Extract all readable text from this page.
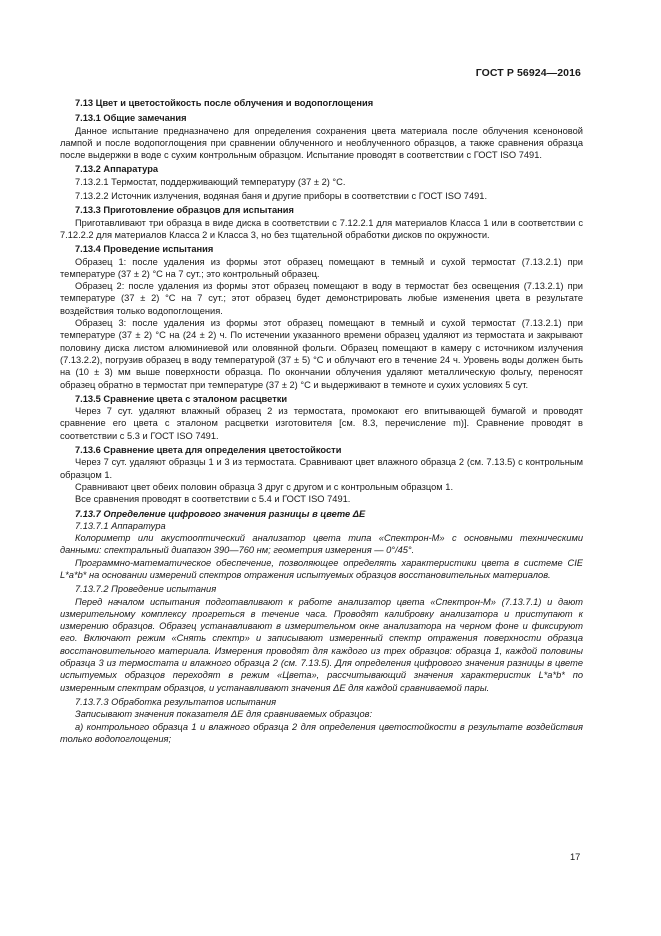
ГОСТ Р 56924—2016

7.13 Цвет и цветостойкость после облучения и водопоглощения

7.13.1 Общие замечания

Данное испытание предназначено для определения сохранения цвета материала после облучения ксеноновой лампой и после водопоглощения при сравнении облученного и необлученного образцов, а также сравнения образца после выдержки в воде с сухим контрольным образцом. Испытание проводят в соответствии с ГОСТ ISO 7491.

7.13.2 Аппаратура

7.13.2.1 Термостат, поддерживающий температуру (37 ± 2) °С.

7.13.2.2 Источник излучения, водяная баня и другие приборы в соответствии с ГОСТ ISO 7491.

7.13.3 Приготовление образцов для испытания

Приготавливают три образца в виде диска в соответствии с 7.12.2.1 для материалов Класса 1 или в соответствии с 7.12.2.2 для материалов Класса 2 и Класса 3, но без тщательной обработки дисков по окружности.

7.13.4 Проведение испытания

Образец 1: после удаления из формы этот образец помещают в темный и сухой термостат (7.13.2.1) при температуре (37 ± 2) °С на 7 сут.; это контрольный образец.

Образец 2: после удаления из формы этот образец помещают в воду в термостат без освещения (7.13.2.1) при температуре (37 ± 2) °С на 7 сут.; этот образец будет демонстрировать любые изменения цвета в результате воздействия только водопоглощения.

Образец 3: после удаления из формы этот образец помещают в темный и сухой термостат (7.13.2.1) при температуре (37 ± 2) °С на (24 ± 2) ч. По истечении указанного времени образец удаляют из термостата и закрывают половину диска листом алюминиевой или оловянной фольги. Образец помещают в камеру с источником излучения (7.13.2.2), погрузив образец в воду температурой (37 ± 5) °С и облучают его в течение 24 ч. Уровень воды должен быть на (10 ± 3) мм выше поверхности образца. По окончании облучения удаляют металлическую фольгу, переносят образец обратно в термостат при температуре (37 ± 2) °С и выдерживают в темноте и сухих условиях 5 сут.

7.13.5 Сравнение цвета с эталоном расцветки

Через 7 сут. удаляют влажный образец 2 из термостата, промокают его впитывающей бумагой и проводят сравнение его цвета с эталоном расцветки изготовителя [см. 8.3, перечисление m)]. Сравнение проводят в соответствии с 5.3 и ГОСТ ISO 7491.

7.13.6 Сравнение цвета для определения цветостойкости

Через 7 сут. удаляют образцы 1 и 3 из термостата. Сравнивают цвет влажного образца 2 (см. 7.13.5) с контрольным образцом 1.

Сравнивают цвет обеих половин образца 3 друг с другом и с контрольным образцом 1.

Все сравнения проводят в соответствии с 5.4 и ГОСТ ISO 7491.

7.13.7 Определение цифрового значения разницы в цвете ΔE

7.13.7.1 Аппаратура

Колориметр или акустооптический анализатор цвета типа «Спектрон-М» с основными техническими данными: спектральный диапазон 390—760 нм; геометрия измерения — 0°/45°.

Программно-математическое обеспечение, позволяющее определять характеристики цвета в системе CIE L*a*b* на основании измерений спектров отражения испытуемых образцов восстановительных материалов.

7.13.7.2 Проведение испытания

Перед началом испытания подготавливают к работе анализатор цвета «Спектрон-М» (7.13.7.1) и дают измерительному комплексу прогреться в течение часа. Проводят калибровку анализатора и приступают к измерению образцов. Образец устанавливают в измерительном окне анализатора на черном фоне и фиксируют его. Включают режим «Снять спектр» и записывают измеренный спектр отражения поверхности образца восстановительного материала. Измерения проводят для каждого из трех образцов: образца 1, каждой половины образца 3 из термостата и влажного образца 2 (см. 7.13.5). Для определения цифрового значения разницы в цвете испытуемых образцов переходят в режим «Цвета», рассчитывающий значения характеристик L*a*b* по измеренным спектрам образцов, и устанавливают значения ΔE для каждой сравниваемой пары.

7.13.7.3 Обработка результатов испытания

Записывают значения показателя ΔE для сравниваемых образцов:

а) контрольного образца 1 и влажного образца 2 для определения цветостойкости в результате воздействия только водопоглощения;

17
